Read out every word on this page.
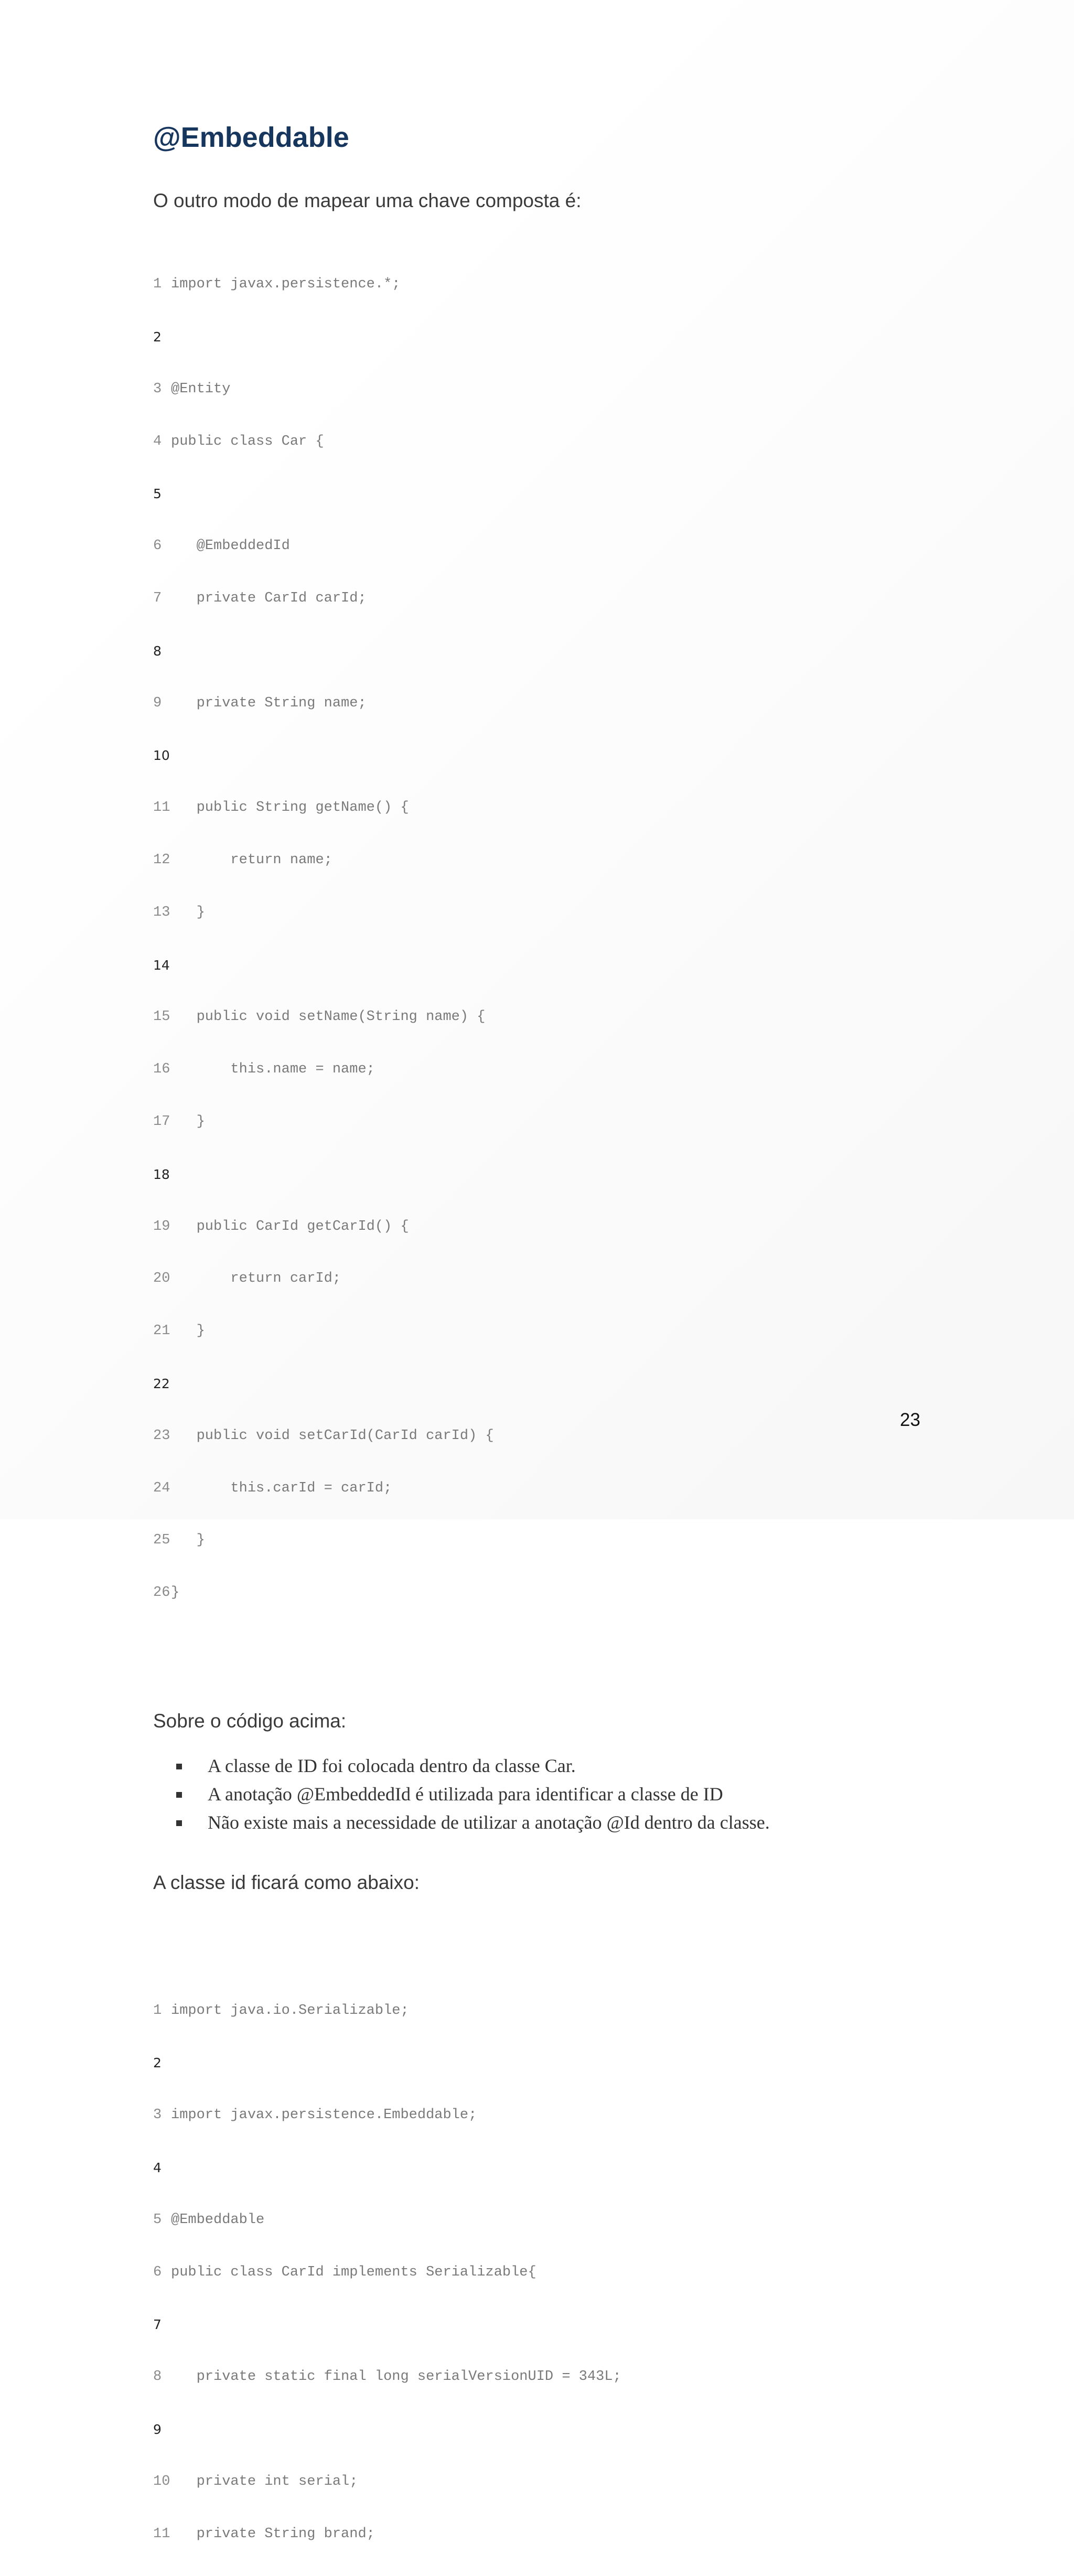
@Embeddable

O outro modo de mapear uma chave composta é:

1 import javax.persistence.*;

2

3 @Entity

4 public class Car {

5

6   @EmbeddedId

7   private CarId carId;

8

9   private String name;

10

11   public String getName() {

12       return name;

13   }

14

15   public void setName(String name) {

16       this.name = name;

17   }

18

19   public CarId getCarId() {

20       return carId;

21   }

22

23   public void setCarId(CarId carId) {

24       this.carId = carId;

25   }

26}

Sobre o código acima:

A classe de ID foi colocada dentro da classe Car.
A anotação @EmbeddedId é utilizada para identificar a classe de ID
Não existe mais a necessidade de utilizar a anotação @Id dentro da classe.

A classe id ficará como abaixo:

1 import java.io.Serializable;

2

3 import javax.persistence.Embeddable;

4

5 @Embeddable

6 public class CarId implements Serializable{

7

8   private static final long serialVersionUID = 343L;

9

10   private int serial;

11   private String brand;

23
